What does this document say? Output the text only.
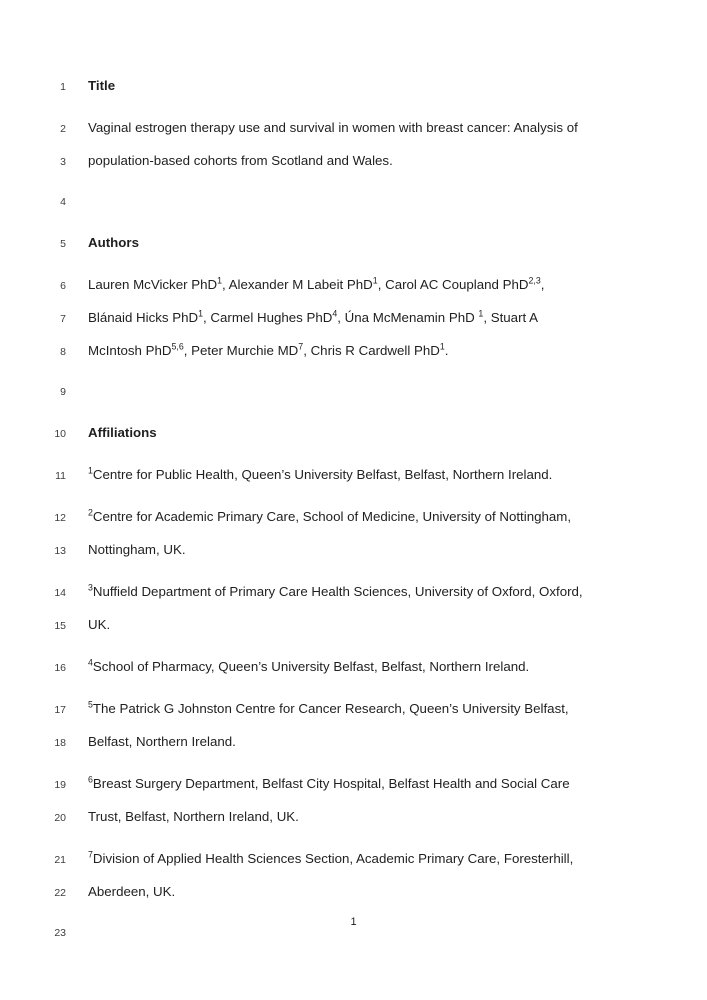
1 Title
2 Vaginal estrogen therapy use and survival in women with breast cancer: Analysis of
3 population-based cohorts from Scotland and Wales.
4
5 Authors
6 Lauren McVicker PhD$^1$, Alexander M Labeit PhD$^1$, Carol AC Coupland PhD$^{2,3}$,
7 Blánaid Hicks PhD$^1$, Carmel Hughes PhD$^4$, Úna McMenamin PhD $^1$, Stuart A
8 McIntosh PhD$^{5,6}$, Peter Murchie $MD^7$, Chris R Cardwell PhD$^1$.
9
10 Affiliations
11	$^1$Centre for Public Health, Queen’s University Belfast, Belfast, Northern Ireland.
12	$^2$Centre for Academic Primary Care, School of Medicine, University of Nottingham,
13 Nottingham, UK.
14	$^3$Nuffield Department of Primary Care Health Sciences, University of Oxford, Oxford,
15 UK.
16	$^4$School of Pharmacy, Queen’s University Belfast, Belfast, Northern Ireland.
17	$^5$The Patrick G Johnston Centre for Cancer Research, Queen’s University Belfast,
18 Belfast, Northern Ireland.
19	$^6$Breast Surgery Department, Belfast City Hospital, Belfast Health and Social Care
20 Trust, Belfast, Northern Ireland, UK.
21	$^7$Division of Applied Health Sciences Section, Academic Primary Care, Foresterhill,
22 Aberdeen, UK.
23
1
